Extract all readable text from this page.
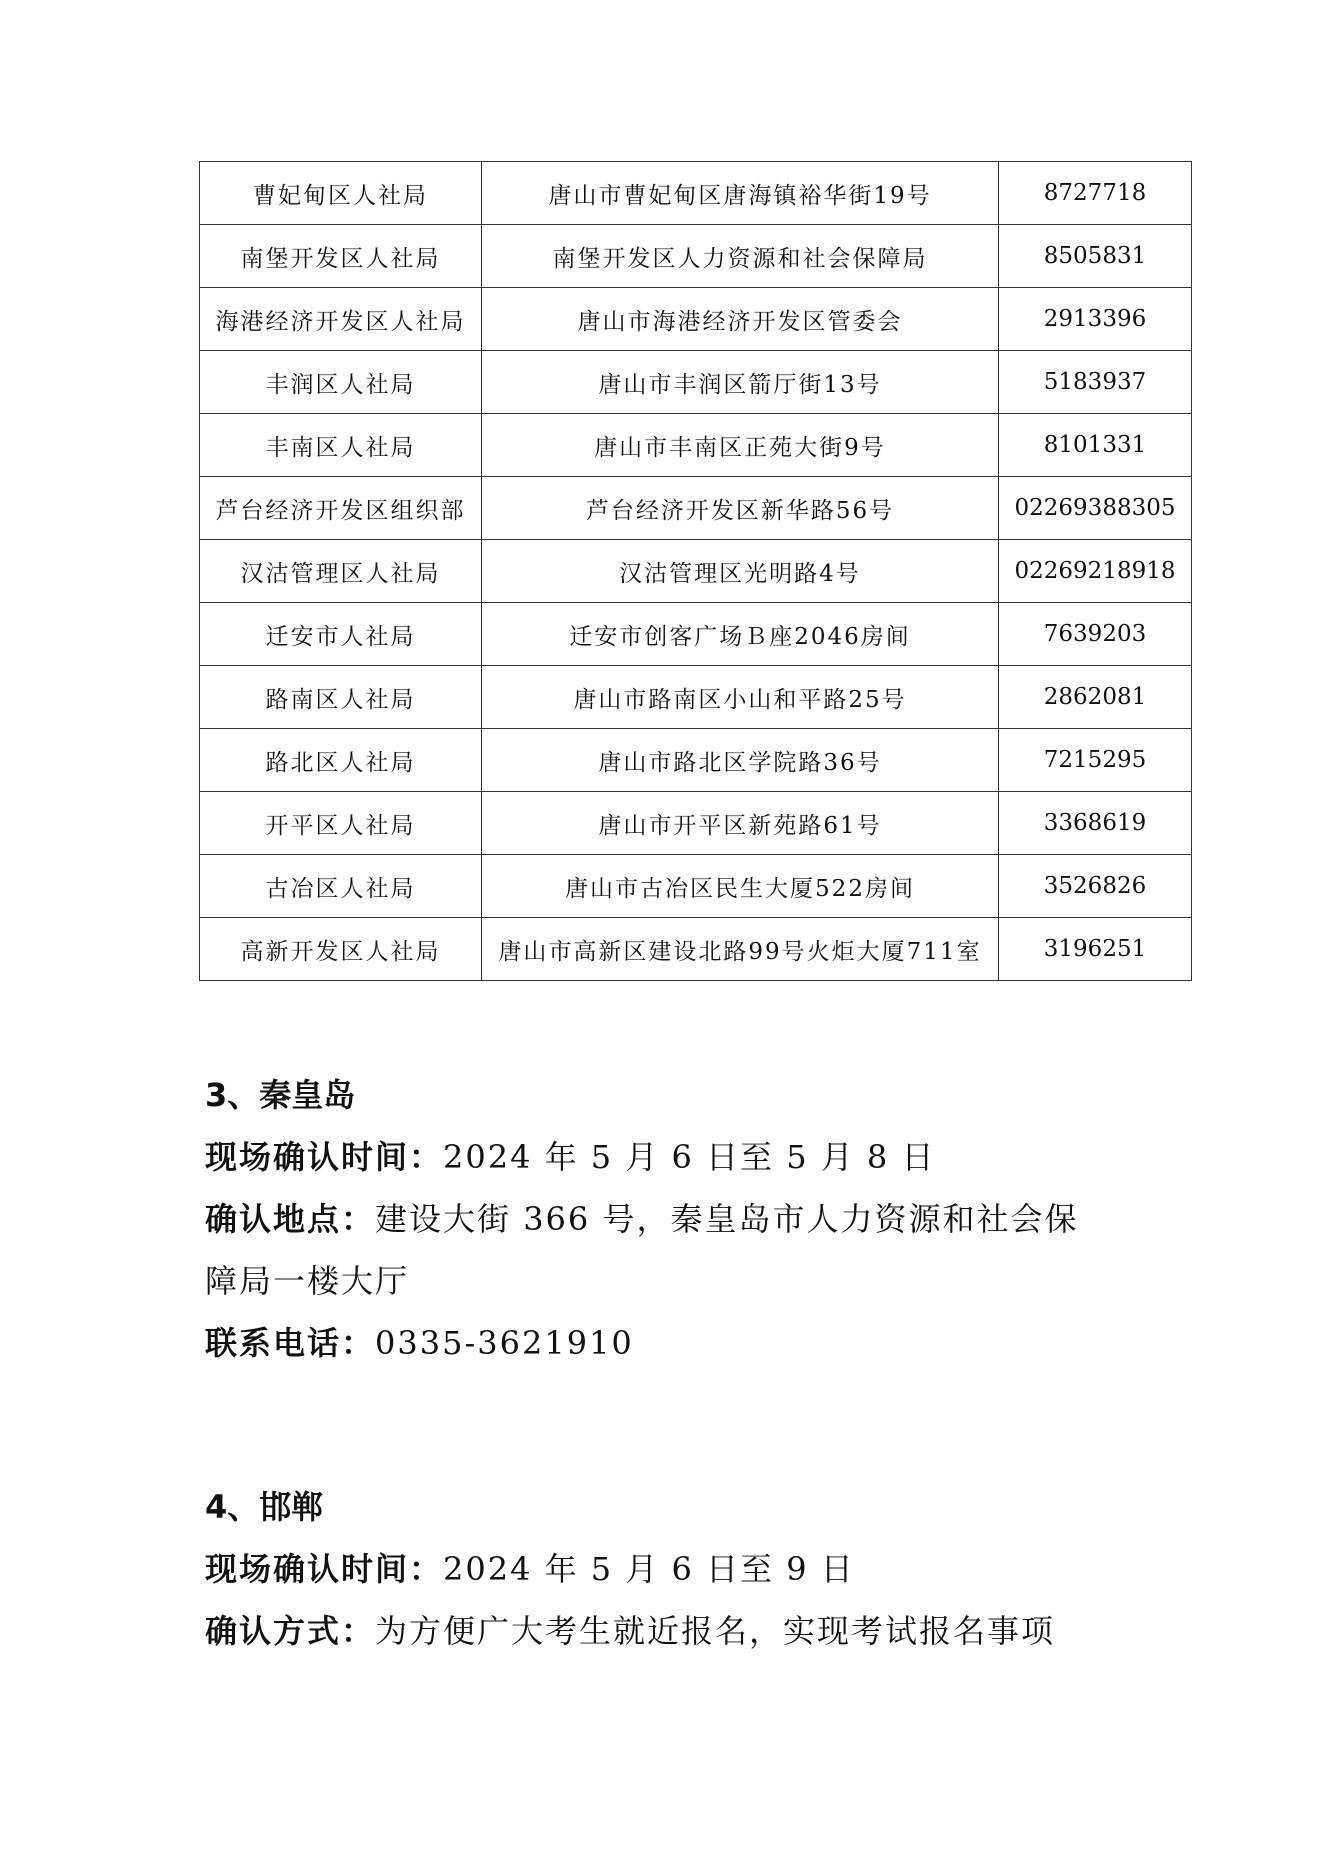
曹妃甸区人社局	唐山市曹妃甸区唐海镇裕华街19号	8727718
南堡开发区人社局	南堡开发区人力资源和社会保障局	8505831
海港经济开发区人社局	唐山市海港经济开发区管委会	2913396
丰润区人社局	唐山市丰润区箭厅街13号	5183937
丰南区人社局	唐山市丰南区正苑大街9号	8101331
芦台经济开发区组织部	芦台经济开发区新华路56号	02269388305
汉沽管理区人社局	汉沽管理区光明路4号	02269218918
迁安市人社局	迁安市创客广场Ｂ座2046房间	7639203
路南区人社局	唐山市路南区小山和平路25号	2862081
路北区人社局	唐山市路北区学院路36号	7215295
开平区人社局	唐山市开平区新苑路61号	3368619
古冶区人社局	唐山市古冶区民生大厦522房间	3526826
高新开发区人社局	唐山市高新区建设北路99号火炬大厦711室	3196251
3、秦皇岛

现场确认时间：2024 年 5 月 6 日至 5 月 8 日

确认地点：建设大街 366 号，秦皇岛市人力资源和社会保

障局一楼大厅

联系电话：0335-3621910

4、邯郸

现场确认时间：2024 年 5 月 6 日至 9 日

确认方式：为方便广大考生就近报名，实现考试报名事项
